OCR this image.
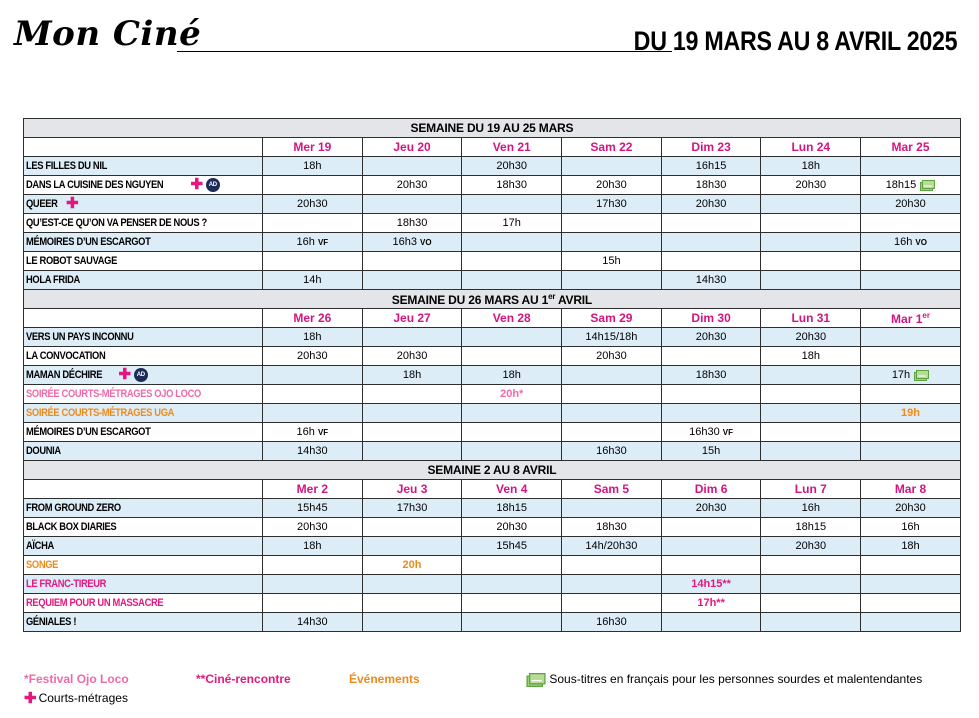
Mon Ciné	DU 19 MARS AU 8 AVRIL 2025
SEMAINE DU 19 AU 25 MARS							
	Mer 19	Jeu 20	Ven 21	Sam 22	Dim 23	Lun 24	Mar 25
LES FILLES DU NIL	18h		20h30		16h15	18h	
DANS LA CUISINE DES NGUYEN ✚ AD		20h30	18h30	20h30	18h30	20h30	18h15
QUEER ✚	20h30			17h30	20h30		20h30
QU’EST-CE QU’ON VA PENSER DE NOUS ?		18h30	17h				
MÉMOIRES D’UN ESCARGOT	16h VF	16h3 VO					16h VO
LE ROBOT SAUVAGE				15h			
HOLA FRIDA	14h				14h30		
SEMAINE DU 26 MARS AU 1er AVRIL							
	Mer 26	Jeu 27	Ven 28	Sam 29	Dim 30	Lun 31	Mar 1er
VERS UN PAYS INCONNU	18h			14h15/18h	20h30	20h30	
LA CONVOCATION	20h30	20h30		20h30		18h	
MAMAN DÉCHIRE ✚ AD		18h	18h		18h30		17h
SOIRÉE COURTS-MÉTRAGES OJO LOCO			20h*				
SOIRÉE COURTS-MÉTRAGES UGA							19h
MÉMOIRES D’UN ESCARGOT	16h VF				16h30 VF		
DOUNIA	14h30			16h30	15h		
SEMAINE 2 AU 8 AVRIL							
	Mer 2	Jeu 3	Ven 4	Sam 5	Dim 6	Lun 7	Mar 8
FROM GROUND ZERO	15h45	17h30	18h15		20h30	16h	20h30
BLACK BOX DIARIES	20h30		20h30	18h30		18h15	16h
AÏCHA	18h		15h45	14h/20h30		20h30	18h
SONGE		20h					
LE FRANC-TIREUR					14h15**		
REQUIEM POUR UN MASSACRE					17h**		
GÉNIALES !	14h30			16h30			
*Festival Ojo Loco	**Ciné-rencontre	Événements	Sous-titres en français pour les personnes sourdes et malentendantes
✚ Courts-métrages
